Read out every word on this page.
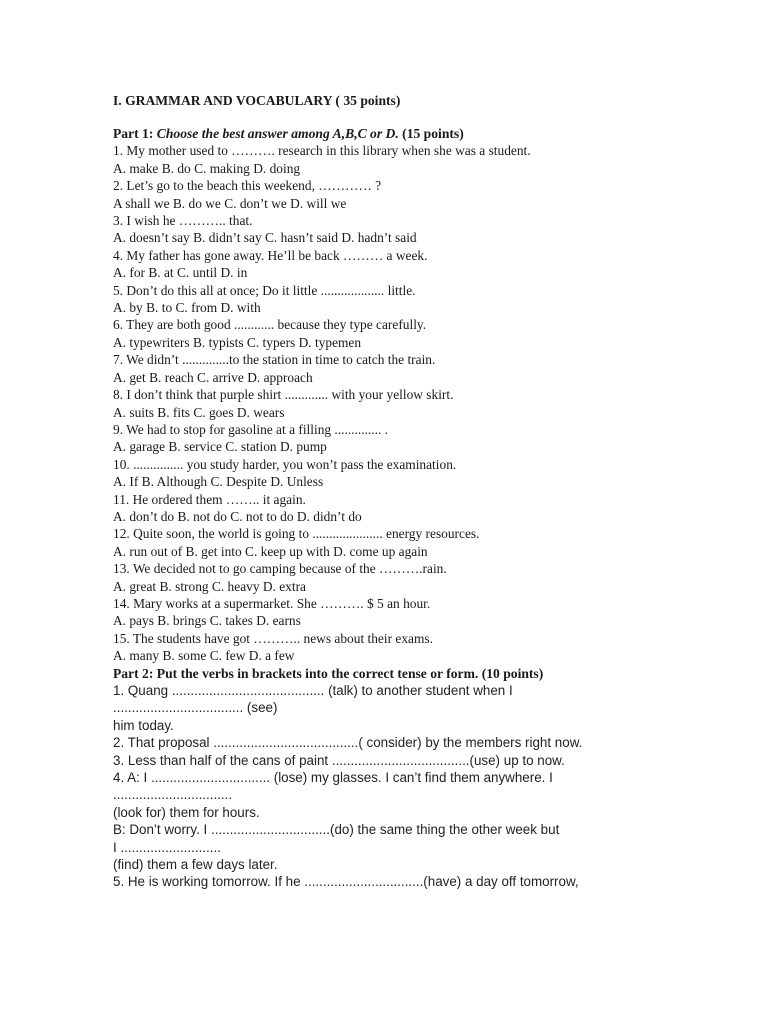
I. GRAMMAR AND VOCABULARY ( 35 points)
Part 1: Choose the best answer among A,B,C or D. (15 points)
1. My mother used to ………. research in this library when she was a student.
A. make B. do C. making D. doing
2. Let’s go to the beach this weekend, ………… ?
A shall we B. do we C. don’t we D. will we
3. I wish he ……….. that.
A. doesn’t say B. didn’t say C. hasn’t said D. hadn’t said
4. My father has gone away. He’ll be back ……… a week.
A. for B. at C. until D. in
5. Don’t do this all at once; Do it little ................... little.
A. by B. to C. from D. with
6. They are both good ............ because they type carefully.
A. typewriters B. typists C. typers D. typemen
7. We didn’t ..............to the station in time to catch the train.
A. get B. reach C. arrive D. approach
8. I don’t think that purple shirt ............. with your yellow skirt.
A. suits B. fits C. goes D. wears
9. We had to stop for gasoline at a filling .............. .
A. garage B. service C. station D. pump
10. ............... you study harder, you won’t pass the examination.
A. If B. Although C. Despite D. Unless
11. He ordered them …….. it again.
A. don’t do B. not do C. not to do D. didn’t do
12. Quite soon, the world is going to ..................... energy resources.
A. run out of B. get into C. keep up with D. come up again
13. We decided not to go camping because of the ……….rain.
A. great B. strong C. heavy D. extra
14. Mary works at a supermarket. She ………. $ 5 an hour.
A. pays B. brings C. takes D. earns
15. The students have got ……….. news about their exams.
A. many B. some C. few D. a few
Part 2: Put the verbs in brackets into the correct tense or form. (10 points)
1. Quang ......................................... (talk) to another student when I
................................... (see)
him today.
2. That proposal .......................................( consider) by the members right now.
3. Less than half of the cans of paint .....................................(use) up to now.
4. A: I ................................ (lose) my glasses. I can’t find them anywhere. I
................................
(look for) them for hours.
B: Don’t worry. I ................................(do) the same thing the other week but
I ...........................
(find) them a few days later.
5. He is working tomorrow. If he ................................(have) a day off tomorrow,
